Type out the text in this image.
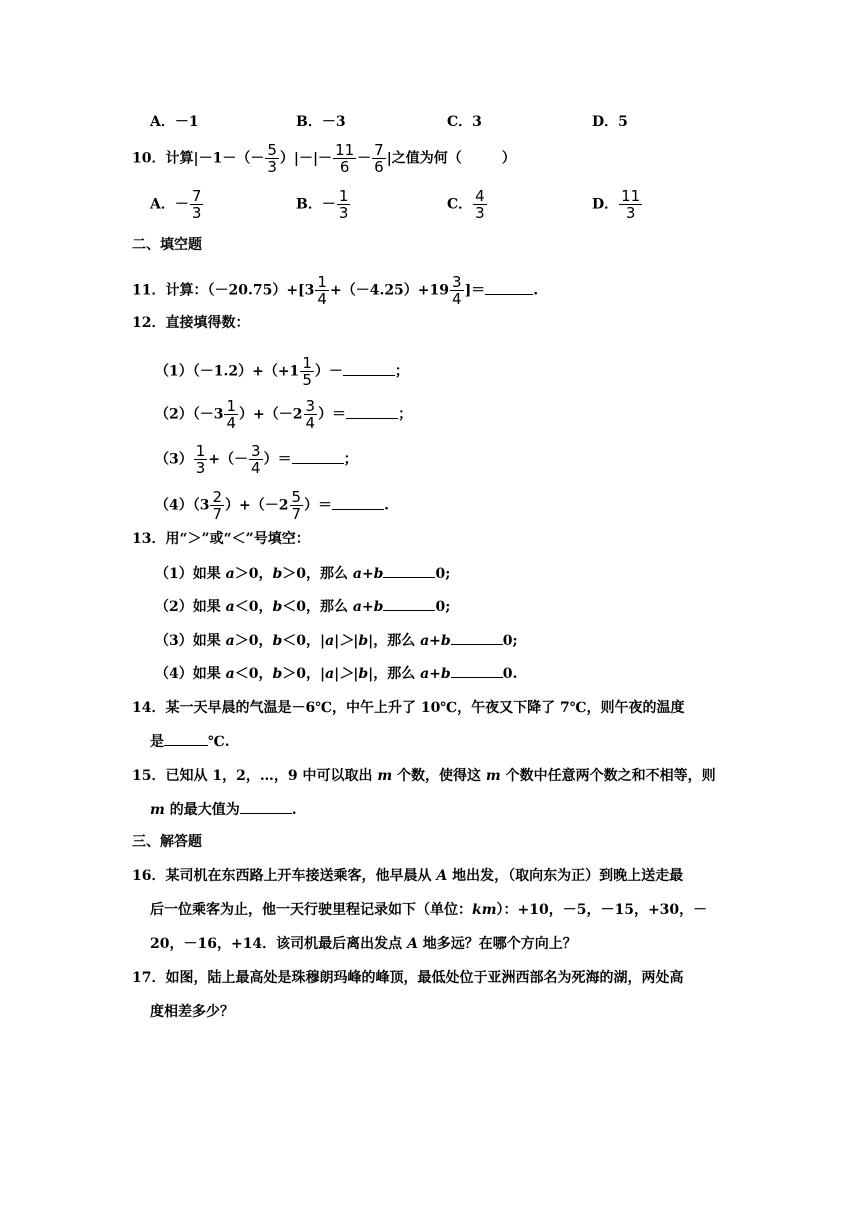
A．－1	B．－3	C．3	D．5
10．计算$|-1-(- \frac{5}{3}$ ）|－|－ $\frac{11}{6} - \frac{7}{6}$ |之值为何（	）
A．－ $\frac{7}{3}$	B．－ $\frac{1}{3}$	C． $\frac{4}{3}$	D． $\frac{11}{3}$
二、填空题
11．计算：$(-20.75)+[3 \frac{1}{4} +(-4.25)+19 \frac{3}{4}$ ]＝	.
12．直接填得数：
$(1)(-1.2)+(+1 \frac{1}{5}$ ）－	；
$(2)(-3 \frac{1}{4} )+(-2 \frac{3}{4}$ ）＝	；
$(3) \frac{1}{3}$ +（－ $\frac{3}{4}$ ）＝	；
$(4)(3 \frac{2}{7} )+(-2 \frac{5}{7}$ ）＝	.
13．用“＞”或“＜”号填空：
（1）如果 a＞0，b＞0，那么 a+b	0;
（2）如果 a＜0，b＜0，那么 a+b	0;
（3）如果 a＞0，b＜0，|a|＞|b|，那么 a+b	0;
（4）如果 a＜0，b＞0，|a|＞|b|，那么 a+b	0.
14．某一天早晨的气温是－6℃，中午上升了 10℃，午夜又下降了 7℃，则午夜的温度
是	℃.
15．已知从 1，2，…，9 中可以取出 m 个数，使得这 m 个数中任意两个数之和不相等，则
m 的最大值为	.
三、解答题
16．某司机在东西路上开车接送乘客，他早晨从 A 地出发，（取向东为正）到晚上送走最
后一位乘客为止，他一天行驶里程记录如下（单位：km）：+10，－5，－15，+30，－
20，－16，+14．该司机最后离出发点 A 地多远？在哪个方向上？
17．如图，陆上最高处是珠穆朗玛峰的峰顶，最低处位于亚洲西部名为死海的湖，两处高
度相差多少？
